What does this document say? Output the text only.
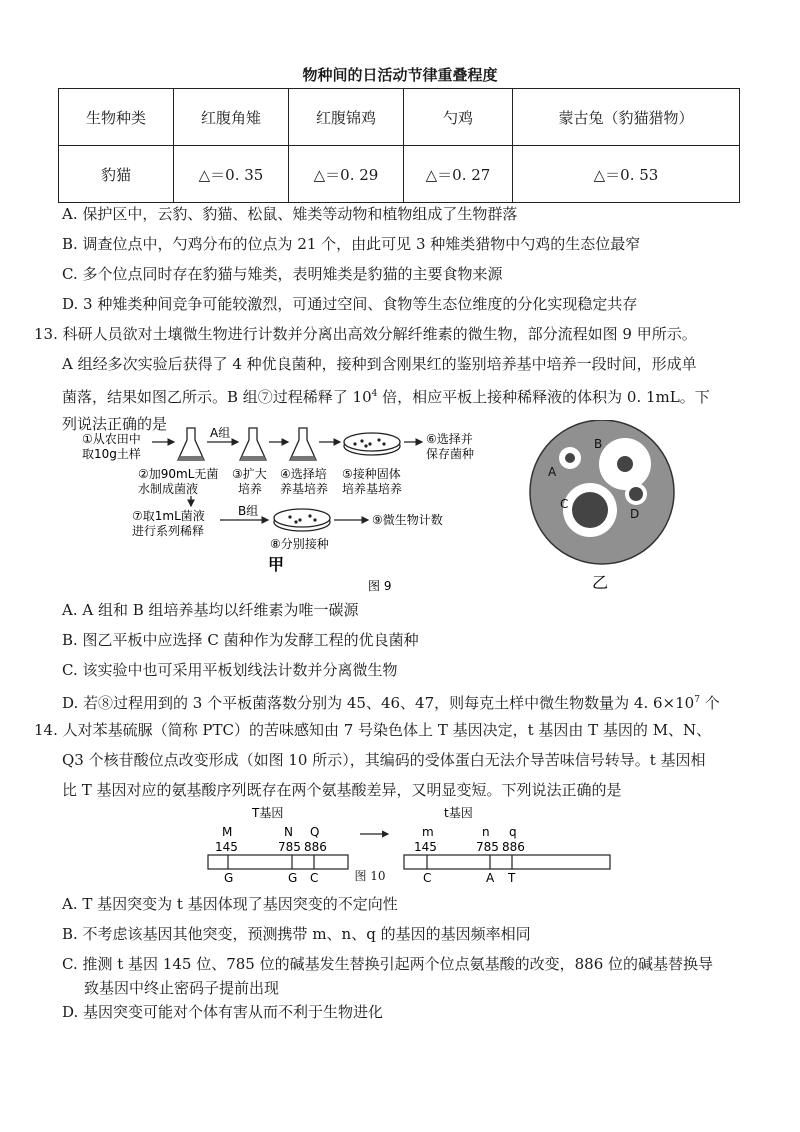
物种间的日活动节律重叠程度
生物种类	红腹角雉	红腹锦鸡	勺鸡	蒙古兔（豹猫猎物）
豹猫	△＝0. 35	△＝0. 29	△＝0. 27	△＝0. 53
A. 保护区中，云豹、豹猫、松鼠、雉类等动物和植物组成了生物群落
B. 调查位点中，勺鸡分布的位点为 21 个，由此可见 3 种雉类猎物中勺鸡的生态位最窄
C. 多个位点同时存在豹猫与雉类，表明雉类是豹猫的主要食物来源
D. 3 种雉类种间竞争可能较激烈，可通过空间、食物等生态位维度的分化实现稳定共存
13. 科研人员欲对土壤微生物进行计数并分离出高效分解纤维素的微生物，部分流程如图 9 甲所示。
A 组经多次实验后获得了 4 种优良菌种，接种到含刚果红的鉴别培养基中培养一段时间，形成单
菌落，结果如图乙所示。B 组⑦过程稀释了 $10^4$ 倍，相应平板上接种稀释液的体积为 0. 1mL。下
列说法正确的是
①从农田中
取10g土样
A组	⑥选择并
保存菌种
②加90mL无菌
水制成菌液
③扩大
培养
④选择培
养基培养
⑤接种固体
培养基培养
⑦取1mL菌液
进行系列稀释
B组
⑨微生物计数
⑧分别接种
甲
图 9
A
B
C
D
乙
A. A 组和 B 组培养基均以纤维素为唯一碳源
B. 图乙平板中应选择 C 菌种作为发酵工程的优良菌种
C. 该实验中也可采用平板划线法计数并分离微生物
D. 若⑧过程用到的 3 个平板菌落数分别为 45、46、47，则每克土样中微生物数量为 4. $6\times 10^7$ 个
14. 人对苯基硫脲（简称 PTC）的苦味感知由 7 号染色体上 T 基因决定，t 基因由 T 基因的 M、N、
Q3 个核苷酸位点改变形成（如图 10 所示），其编码的受体蛋白无法介导苦味信号转导。t 基因相
比 T 基因对应的氨基酸序列既存在两个氨基酸差异，又明显变短。下列说法正确的是
T基因	t基因
M	N Q
145	785 886
G	G C
m	n q
145	785 886
C	A T
图 10
A. T 基因突变为 t 基因体现了基因突变的不定向性
B. 不考虑该基因其他突变，预测携带 m、n、q 的基因的基因频率相同
C. 推测 t 基因 145 位、785 位的碱基发生替换引起两个位点氨基酸的改变，886 位的碱基替换导
致基因中终止密码子提前出现
D. 基因突变可能对个体有害从而不利于生物进化
